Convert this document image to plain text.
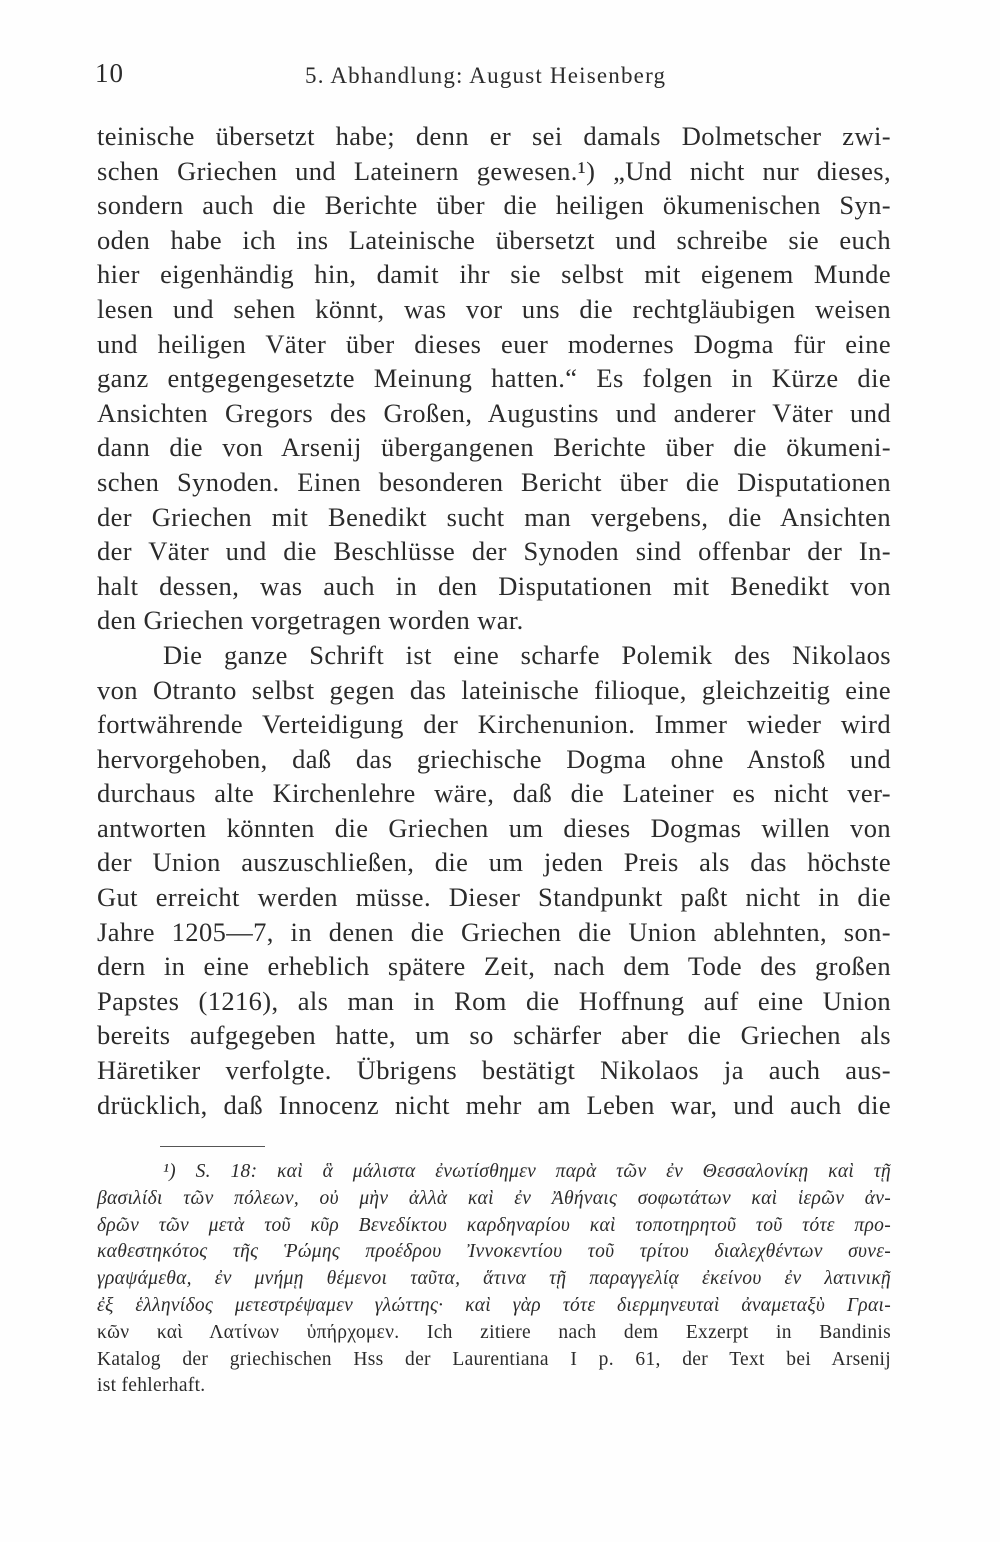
10	5. Abhandlung: August Heisenberg
teinische übersetzt habe; denn er sei damals Dolmetscher zwi-
schen Griechen und Lateinern gewesen.¹) „Und nicht nur dieses,
sondern auch die Berichte über die heiligen ökumenischen Syn-
oden habe ich ins Lateinische übersetzt und schreibe sie euch
hier eigenhändig hin, damit ihr sie selbst mit eigenem Munde
lesen und sehen könnt, was vor uns die rechtgläubigen weisen
und heiligen Väter über dieses euer modernes Dogma für eine
ganz entgegengesetzte Meinung hatten.“ Es folgen in Kürze die
Ansichten Gregors des Großen, Augustins und anderer Väter und
dann die von Arsenij übergangenen Berichte über die ökumeni-
schen Synoden. Einen besonderen Bericht über die Disputationen
der Griechen mit Benedikt sucht man vergebens, die Ansichten
der Väter und die Beschlüsse der Synoden sind offenbar der In-
halt dessen, was auch in den Disputationen mit Benedikt von
den Griechen vorgetragen worden war.
Die ganze Schrift ist eine scharfe Polemik des Nikolaos
von Otranto selbst gegen das lateinische filioque, gleichzeitig eine
fortwährende Verteidigung der Kirchenunion. Immer wieder wird
hervorgehoben, daß das griechische Dogma ohne Anstoß und
durchaus alte Kirchenlehre wäre, daß die Lateiner es nicht ver-
antworten könnten die Griechen um dieses Dogmas willen von
der Union auszuschließen, die um jeden Preis als das höchste
Gut erreicht werden müsse. Dieser Standpunkt paßt nicht in die
Jahre 1205—7, in denen die Griechen die Union ablehnten, son-
dern in eine erheblich spätere Zeit, nach dem Tode des großen
Papstes (1216), als man in Rom die Hoffnung auf eine Union
bereits aufgegeben hatte, um so schärfer aber die Griechen als
Häretiker verfolgte. Übrigens bestätigt Nikolaos ja auch aus-
drücklich, daß Innocenz nicht mehr am Leben war, und auch die
¹) S. 18: καὶ ἃ μάλιστα ἐνωτίσθημεν παρὰ τῶν ἐν Θεσσαλονίκῃ καὶ τῇ
βασιλίδι τῶν πόλεων, οὐ μὴν ἀλλὰ καὶ ἐν Ἀθήναις σοφωτάτων καὶ ἱερῶν ἀν-
δρῶν τῶν μετὰ τοῦ κῦρ Βενεδίκτου καρδηναρίου καὶ τοποτηρητοῦ τοῦ τότε προ-
καθεστηκότος τῆς Ῥώμης προέδρου Ἰννοκεντίου τοῦ τρίτου διαλεχθέντων συνε-
γραψάμεθα, ἐν μνήμῃ θέμενοι ταῦτα, ἅτινα τῇ παραγγελίᾳ ἐκείνου ἐν λατινικῇ
ἐξ ἑλληνίδος μετεστρέψαμεν γλώττης· καὶ γὰρ τότε διερμηνευταὶ ἀναμεταξὺ Γραι-
κῶν καὶ Λατίνων ὑπήρχομεν. Ich zitiere nach dem Exzerpt in Bandinis
Katalog der griechischen Hss der Laurentiana I p. 61, der Text bei Arsenij
ist fehlerhaft.
